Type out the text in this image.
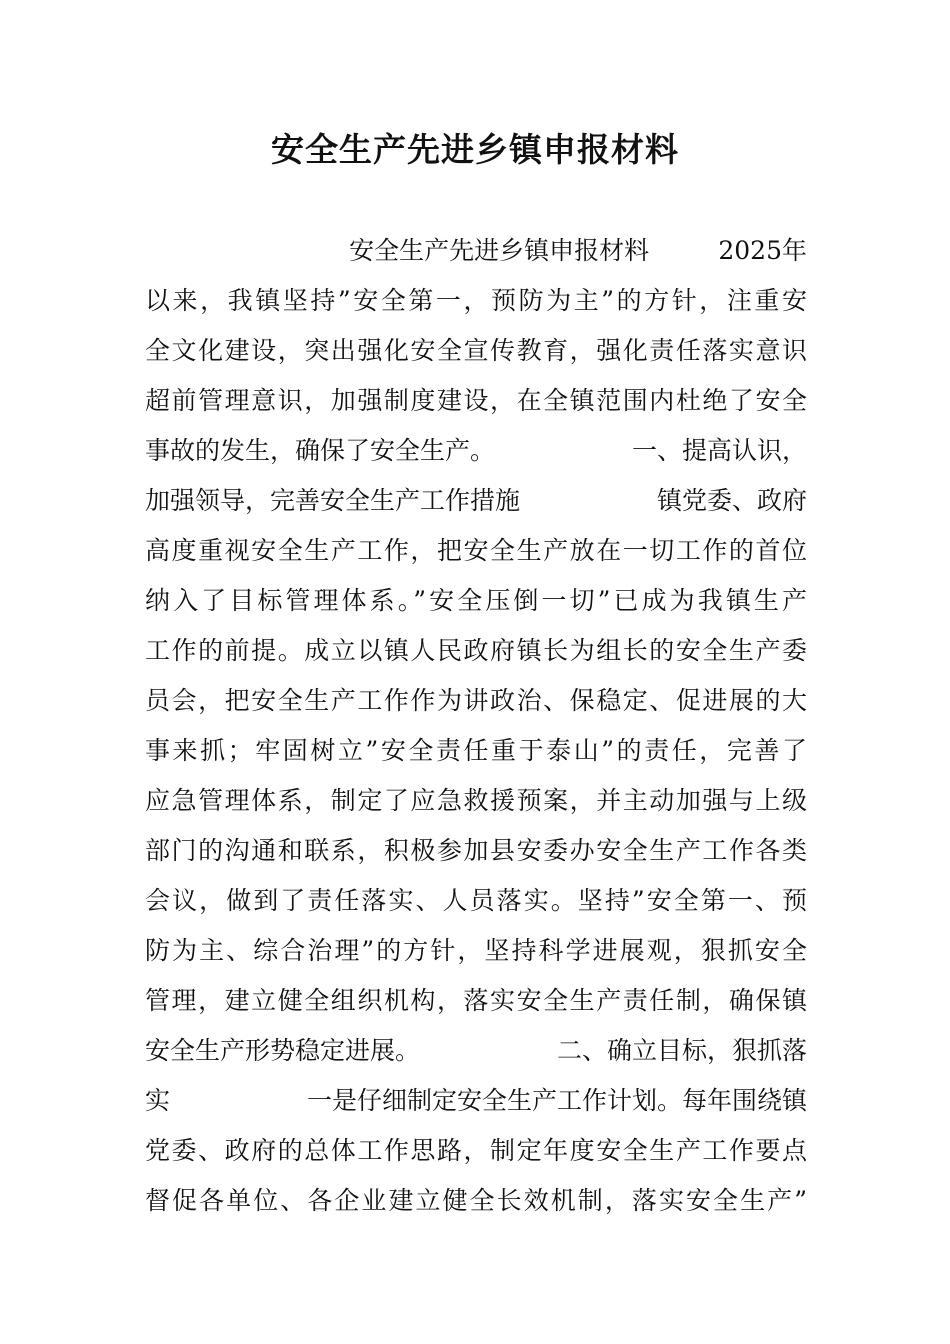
安全生产先进乡镇申报材料
安全生产先进乡镇申报材料	2025年
以来，我镇坚持”安全第一，预防为主”的方针，注重安
全文化建设，突出强化安全宣传教育，强化责任落实意识
超前管理意识，加强制度建设，在全镇范围内杜绝了安全
事故的发生，确保了安全生产。	一、提高认识，
加强领导，完善安全生产工作措施	镇党委、政府
高度重视安全生产工作，把安全生产放在一切工作的首位
纳入了目标管理体系。”安全压倒一切”已成为我镇生产
工作的前提。成立以镇人民政府镇长为组长的安全生产委
员会，把安全生产工作作为讲政治、保稳定、促进展的大
事来抓；牢固树立”安全责任重于泰山”的责任，完善了
应急管理体系，制定了应急救援预案，并主动加强与上级
部门的沟通和联系，积极参加县安委办安全生产工作各类
会议，做到了责任落实、人员落实。坚持”安全第一、预
防为主、综合治理”的方针，坚持科学进展观，狠抓安全
管理，建立健全组织机构，落实安全生产责任制，确保镇
安全生产形势稳定进展。	二、确立目标，狠抓落
实	一是仔细制定安全生产工作计划。每年围绕镇
党委、政府的总体工作思路，制定年度安全生产工作要点
督促各单位、各企业建立健全长效机制，落实安全生产”
